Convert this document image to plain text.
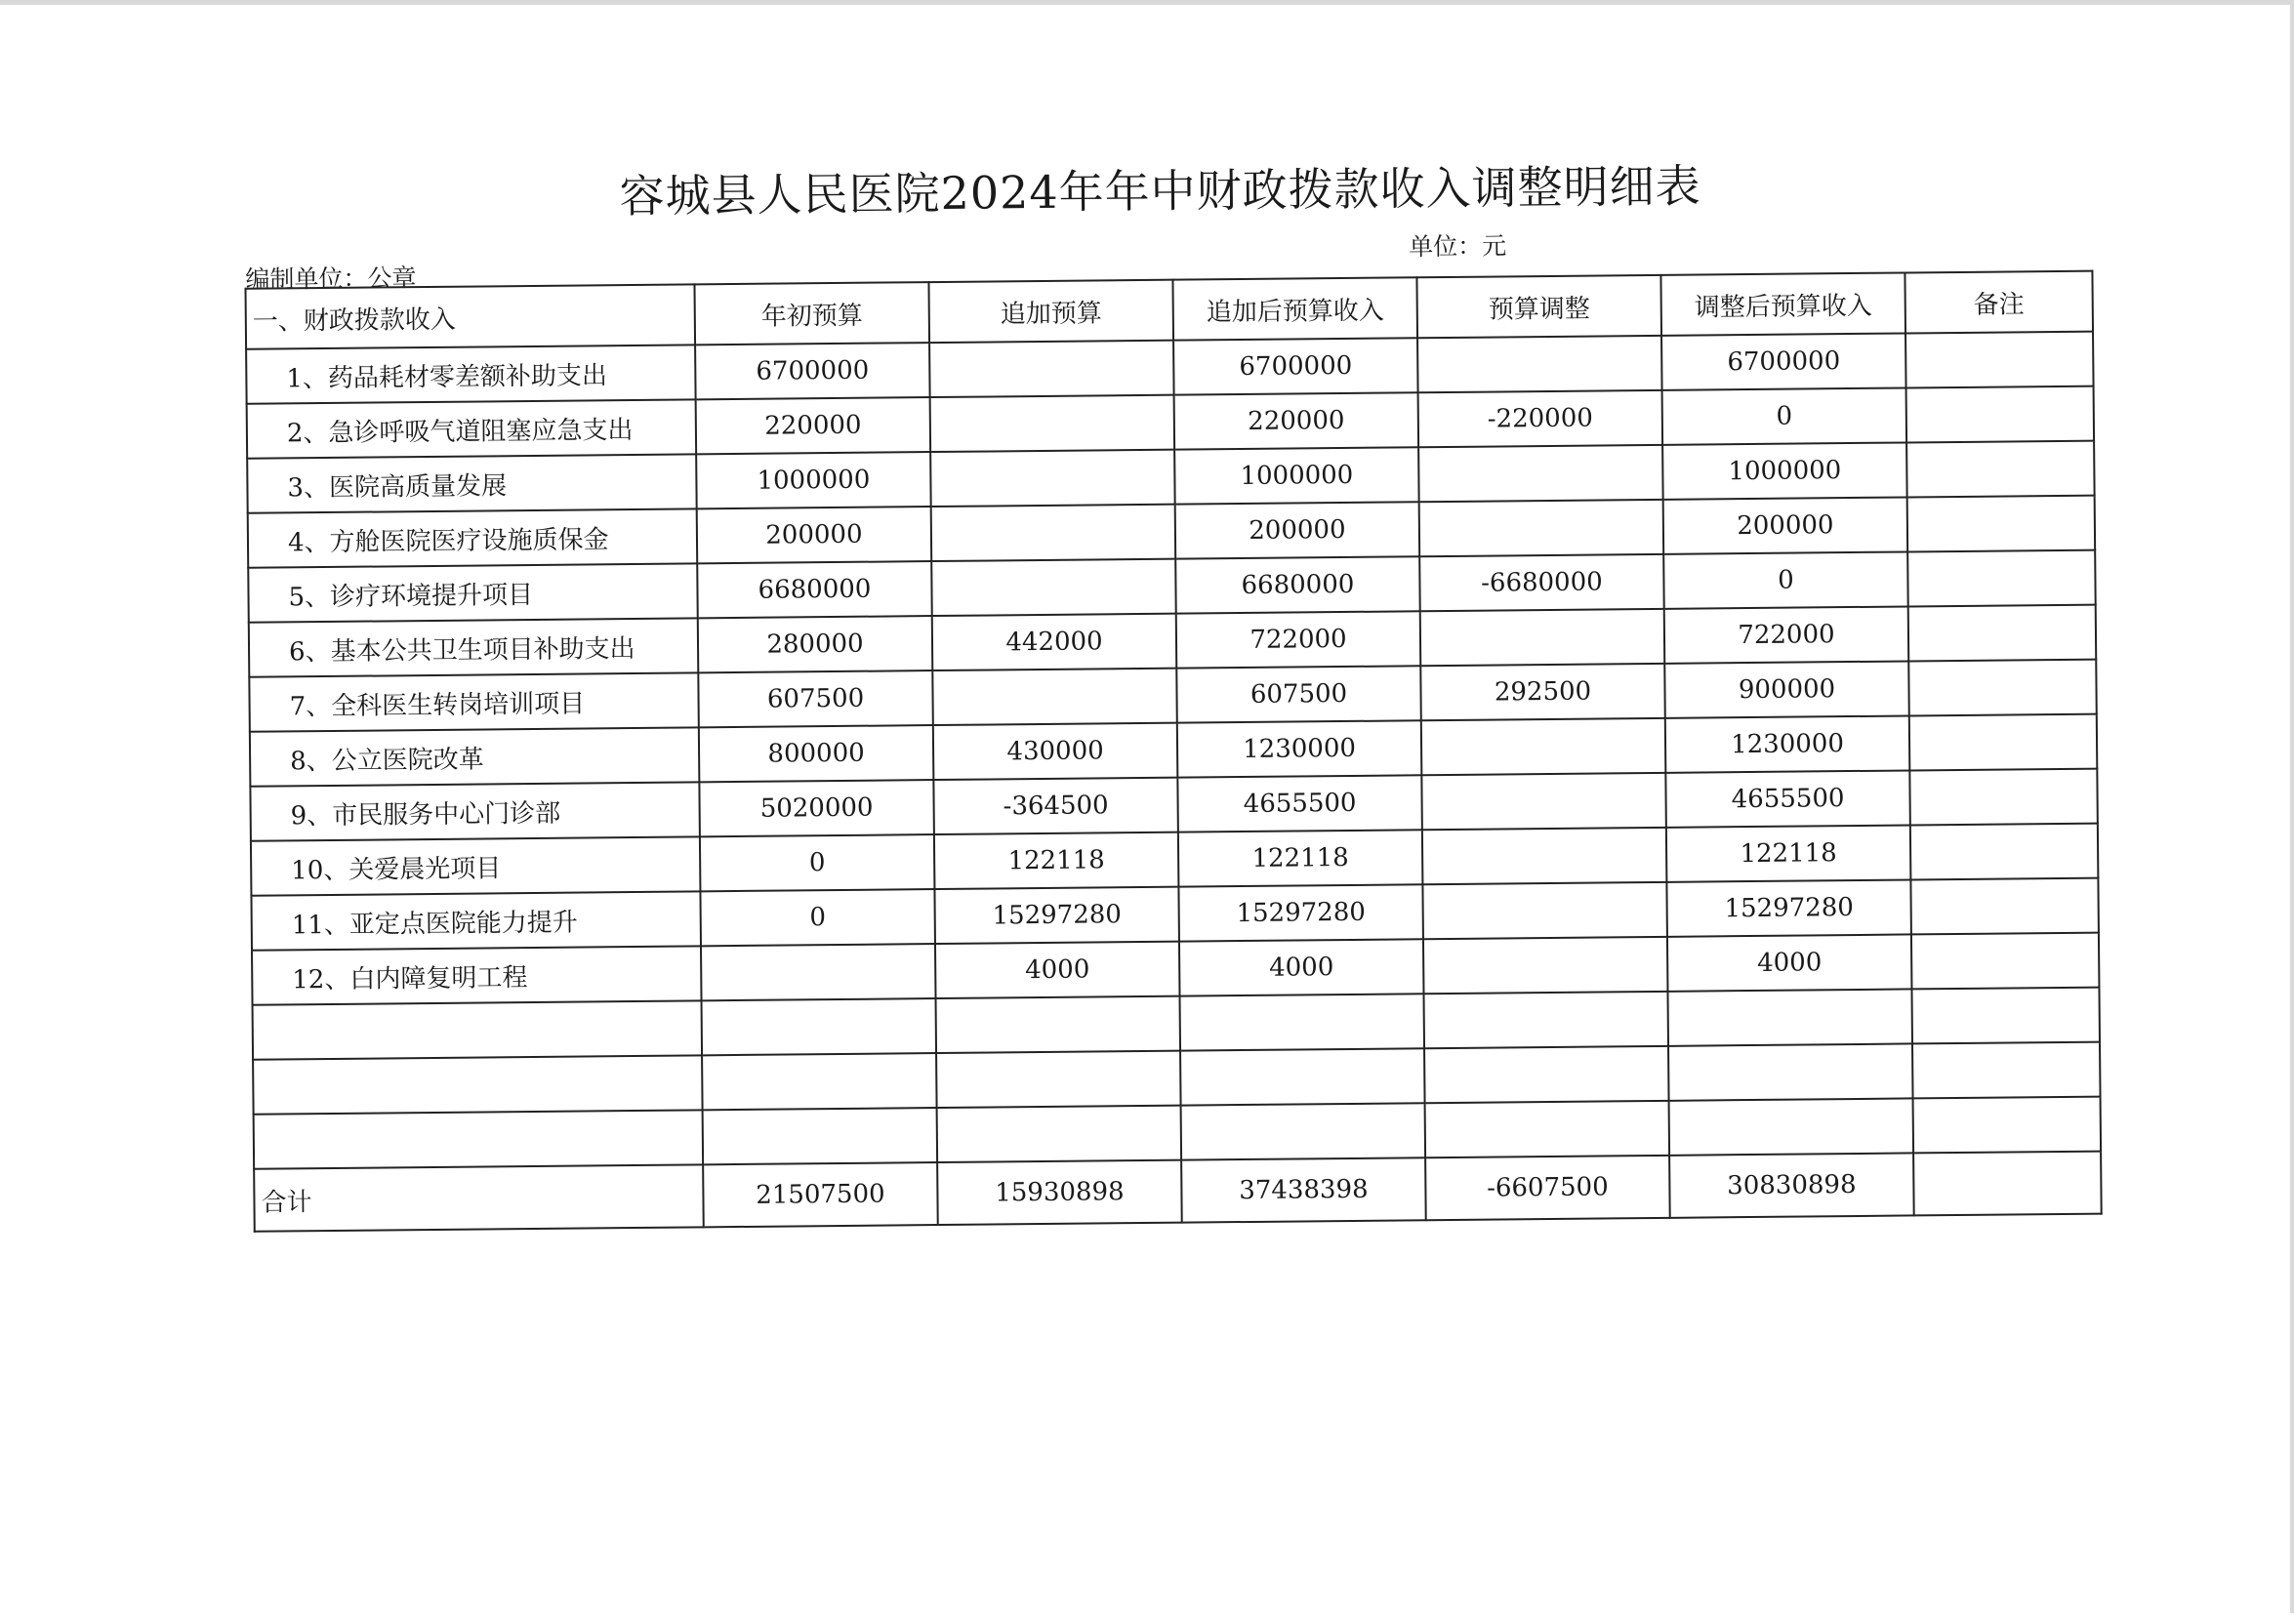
容城县人民医院2024年年中财政拨款收入调整明细表
单位：元
编制单位：公章
一、财政拨款收入	年初预算	追加预算	追加后预算收入	预算调整	调整后预算收入	备注
1、药品耗材零差额补助支出	6700000		6700000		6700000	
2、急诊呼吸气道阻塞应急支出	220000		220000	-220000	0	
3、医院高质量发展	1000000		1000000		1000000	
4、方舱医院医疗设施质保金	200000		200000		200000	
5、诊疗环境提升项目	6680000		6680000	-6680000	0	
6、基本公共卫生项目补助支出	280000	442000	722000		722000	
7、全科医生转岗培训项目	607500		607500	292500	900000	
8、公立医院改革	800000	430000	1230000		1230000	
9、市民服务中心门诊部	5020000	-364500	4655500		4655500	
10、关爱晨光项目	0	122118	122118		122118	
11、亚定点医院能力提升	0	15297280	15297280		15297280	
12、白内障复明工程		4000	4000		4000	

合计	21507500	15930898	37438398	-6607500	30830898	
